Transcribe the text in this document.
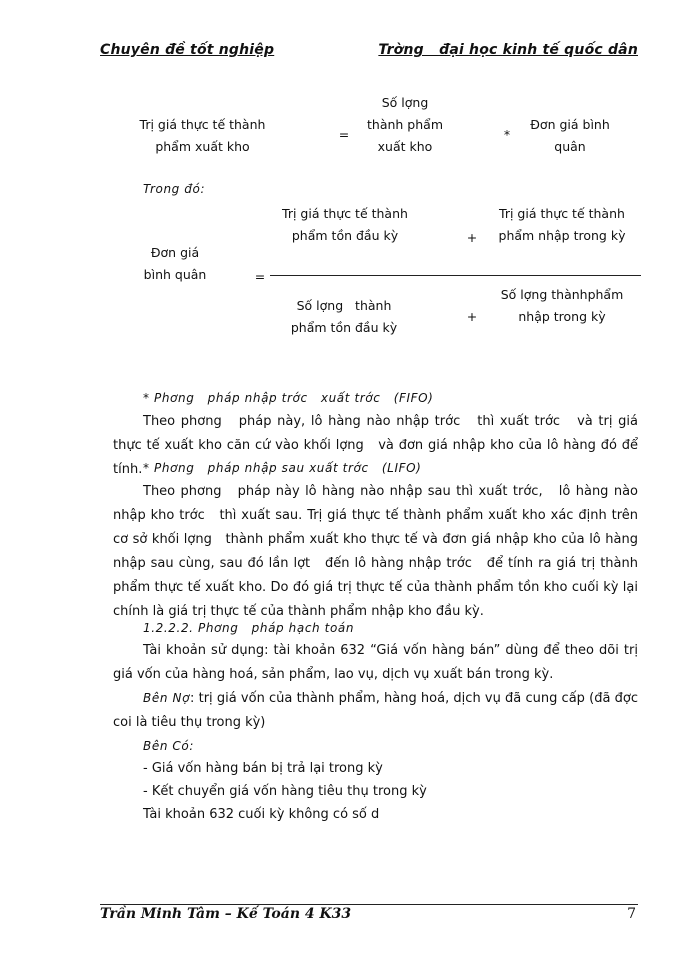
Chuyên đề tốt nghiệp	Trờng   đại học kinh tế quốc dân
Trị giá thực tế thành phẩm xuất kho
=
Số lợng   thành phẩm xuất kho
*
Đơn giá bình quân
Trong đó:
Đơn giá bình quân	=
Trị giá thực tế thành phẩm tồn đầu kỳ	+
Trị giá thực tế thành phẩm nhập trong kỳ
Số lợng   thành phẩm tồn đầu kỳ
+
Số lợng thànhphẩm nhập trong kỳ
* Phơng   pháp nhập trớc   xuất trớc   (FIFO)
Theo phơng   pháp này, lô hàng nào nhập trớc   thì xuất trớc   và trị giá thực tế xuất kho căn cứ vào khối lợng   và đơn giá nhập kho của lô hàng đó để tính. * Phơng   pháp nhập sau xuất trớc   (LIFO)
Theo phơng   pháp này lô hàng nào nhập sau thì xuất trớc,   lô hàng nào nhập kho trớc   thì xuất sau. Trị giá thực tế thành phẩm xuất kho xác định trên cơ sở khối lợng   thành phẩm xuất kho thực tế và đơn giá nhập kho của lô hàng nhập sau cùng, sau đó lần lợt   đến lô hàng nhập trớc   để tính ra giá trị thành phẩm thực tế xuất kho. Do đó giá trị thực tế của thành phẩm tồn kho cuối kỳ lại chính là giá trị thực tế của thành phẩm nhập kho đầu kỳ.
1.2.2.2. Phơng   pháp hạch toán
Tài khoản sử dụng: tài khoản 632 “Giá vốn hàng bán” dùng để theo dõi trị giá vốn của hàng hoá, sản phẩm, lao vụ, dịch vụ xuất bán trong kỳ.
Bên Nợ: trị giá vốn của thành phẩm, hàng hoá, dịch vụ đã cung cấp (đã đợc   coi là tiêu thụ trong kỳ)
Bên Có:
- Giá vốn hàng bán bị trả lại trong kỳ
- Kết chuyển giá vốn hàng tiêu thụ trong kỳ
Tài khoản 632 cuối kỳ không có số d
Trần Minh Tâm – Kế Toán 4 K33	7
